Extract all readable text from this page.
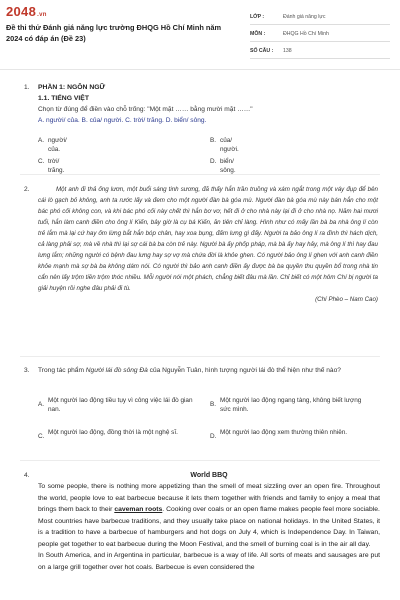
2048.vn
Đề thi thử Đánh giá năng lực trường ĐHQG Hồ Chí Minh năm 2024 có đáp án (Đề 23)
LỚP :	Đánh giá năng lực
MÔN :	ĐHQG Hồ Chí Minh
SỐ CÂU : 138
1. PHẦN 1: NGÔN NGỮ
1.1. TIẾNG VIỆT
Chọn từ đúng để điền vào chỗ trống: "Một mặt …… bằng mười mặt ……"
A. người/ của. B. của/ người. C. trời/ trăng. D. biển/ sông.
A. người/ của.
B. của/ người.
C. trời/ trăng.
D. biển/ sông.
2.	Một anh đi thả ống lươn, một buổi sáng tinh sương, đã thấy hắn trần truồng và xám ngắt trong một váy đụp để bên cái lò gạch bỏ không, anh ta rước lấy và đem cho một người đàn bà góa mù. Người đàn bà góa mù này bán hắn cho một bác phó cối không con, và khi bác phó cối này chết thì hắn bơ vơ, hết đi ở cho nhà này lại đi ở cho nhà nọ. Năm hai mươi tuổi, hắn làm canh điền cho ông lí Kiến, bây giờ là cụ bá Kiến, ăn tiên chỉ làng. Hình như có mấy lần bà ba nhà ông lí còn trẻ lắm mà lại cứ hay ốm lừng bắt hắn bóp chân, hay xoa bụng, đấm lưng gì đấy. Người ta bảo ông lí ra đình thì hách dịch, cả làng phải sợ, mà về nhà thì lại sợ cái bà ba còn trẻ này. Người bà ấy phốp pháp, mà bà ấy hay hảy, mà ông lí thì hay đau lưng lắm; những người có bệnh đau lưng hay sợ vợ mà chứa đời là khỏe ghen. Có người bảo ông lí ghen với anh canh điền khỏe mạnh mà sợ bà ba không dám nói. Có người thì bảo anh canh điền ấy được bà ba quyền thu quyền bổ trong nhà tin cẩn nên lấy trộm tiền trộm thóc nhiều. Mỗi người nói một phách, chẳng biết đâu mà lần. Chỉ biết có một hôm Chí bị người ta giải huyện rồi nghe đâu phải đi tù.

(Chí Phèo – Nam Cao)
3. Trong tác phẩm Người lái đò sông Đà của Nguyễn Tuân, hình tượng người lái đò thể hiện như thế nào?
A.
Một người lao động tiều tụy vì công việc lái đò gian nan.
B.
Một người lao động ngang tàng, không biết lượng sức mình.
C.
Một người lao động, đồng thời là một nghệ sĩ.
D.
Một người lao động xem thường thiên nhiên.
4.	World BBQ

To some people, there is nothing more appetizing than the smell of meat sizzling over an open fire. Throughout the world, people love to eat barbecue because it lets them together with friends and family to enjoy a meal that brings them back to their caveman roots. Cooking over coals or an open flame makes people feel more sociable.

Most countries have barbecue traditions, and they usually take place on national holidays. In the United States, it is a tradition to have a barbecue of hamburgers and hot dogs on July 4, which is Independence Day. In Taiwan, people get together to eat barbecue during the Moon Festival, and the smell of burning coal is in the air all day.

In South America, and in Argentina in particular, barbecue is a way of life. All sorts of meats and sausages are put on a large grill together over hot coals. Barbecue is even considered the
